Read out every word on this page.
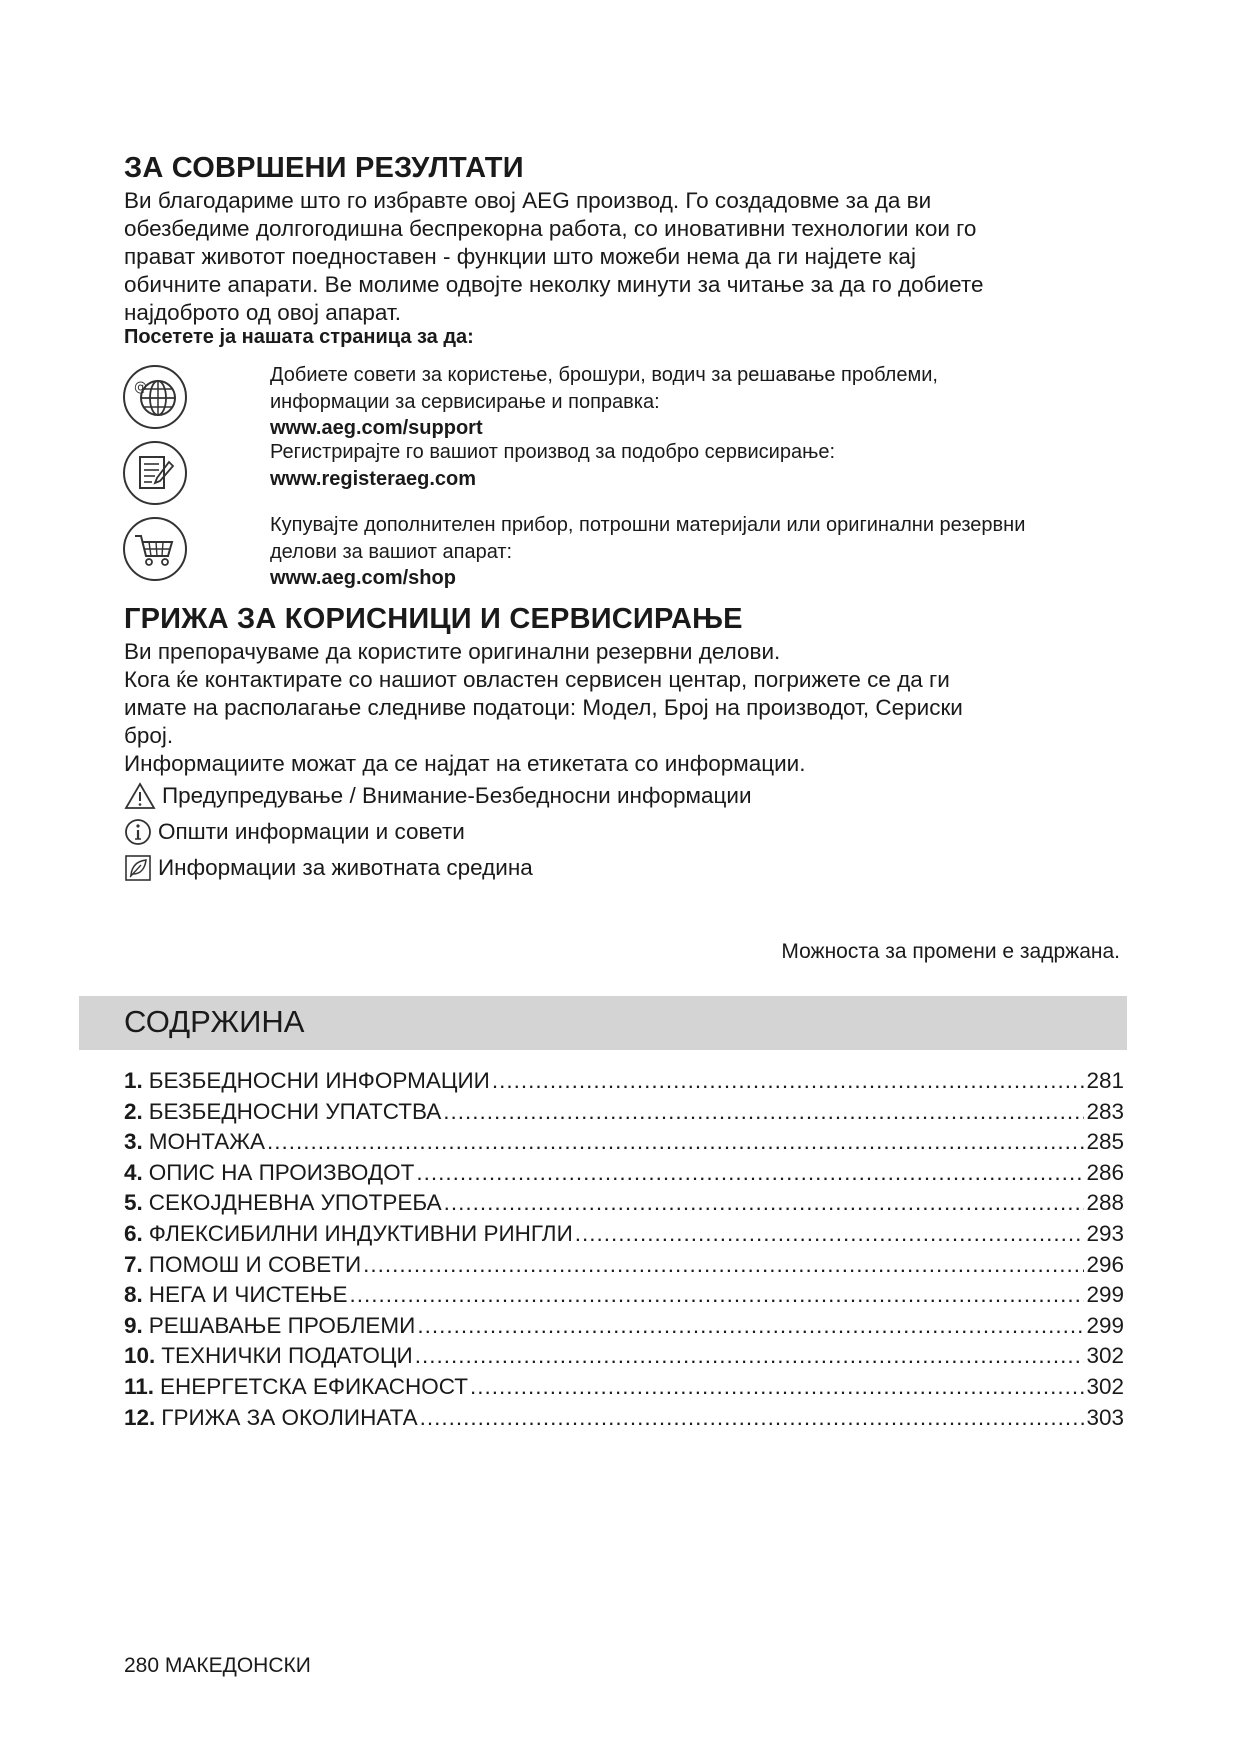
ЗА СОВРШЕНИ РЕЗУЛТАТИ
Ви благодариме што го избравте овој AEG производ. Го создадовме за да ви
обезбедиме долгогодишна беспрекорна работа, со иновативни технологии кои го
прават животот поедноставен - функции што можеби нема да ги најдете кај
обичните апарати. Ве молиме одвојте неколку минути за читање за да го добиете
најдоброто од овој апарат.
Посетете ја нашата страница за да:
@
Добиете совети за користење, брошури, водич за решавање проблеми,
информации за сервисирање и поправка:
www.aeg.com/support
Регистрирајте го вашиот производ за подобро сервисирање:
www.registeraeg.com
Купувајте дополнителен прибор, потрошни материјали или оригинални резервни
делови за вашиот апарат:
www.aeg.com/shop
ГРИЖА ЗА КОРИСНИЦИ И СЕРВИСИРАЊЕ
Ви препорачуваме да користите оригинални резервни делови.
Кога ќе контактирате со нашиот овластен сервисен центар, погрижете се да ги
имате на располагање следниве податоци: Модел, Број на производот, Сериски
број.
Информациите можат да се најдат на етикетата со информации.
Предупредување / Внимание-Безбедносни информации
Општи информации и совети
Информации за животната средина
Можноста за промени е задржана.
СОДРЖИНА
1. БЕЗБЕДНОСНИ ИНФОРМАЦИИ .....	281
2. БЕЗБЕДНОСНИ УПАТСТВА .....	283
3. МОНТАЖА .....	285
4. ОПИС НА ПРОИЗВОДОТ .....	286
5. СЕКОЈДНЕВНА УПОТРЕБА .....	288
6. ФЛЕКСИБИЛНИ ИНДУКТИВНИ РИНГЛИ .....	293
7. ПОМОШ И СОВЕТИ .....	296
8. НЕГА И ЧИСТЕЊЕ .....	299
9. РЕШАВАЊЕ ПРОБЛЕМИ .....	299
10. ТЕХНИЧКИ ПОДАТОЦИ .....	302
11. ЕНЕРГЕТСКА ЕФИКАСНОСТ .....	302
12. ГРИЖА ЗА ОКОЛИНАТА .....	303
280 МАКЕДОНСКИ
